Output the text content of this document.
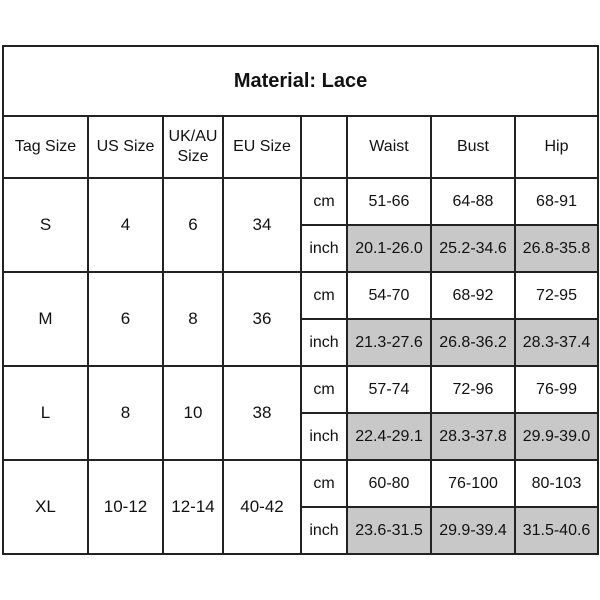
Material: Lace							
Tag Size	US Size	UK/AU Size	EU Size		Waist	Bust	Hip
S	4	6	34	cm	51-66	64-88	68-91
				inch	20.1-26.0	25.2-34.6	26.8-35.8
M	6	8	36	cm	54-70	68-92	72-95
				inch	21.3-27.6	26.8-36.2	28.3-37.4
L	8	10	38	cm	57-74	72-96	76-99
				inch	22.4-29.1	28.3-37.8	29.9-39.0
XL	10-12	12-14	40-42	cm	60-80	76-100	80-103
				inch	23.6-31.5	29.9-39.4	31.5-40.6
